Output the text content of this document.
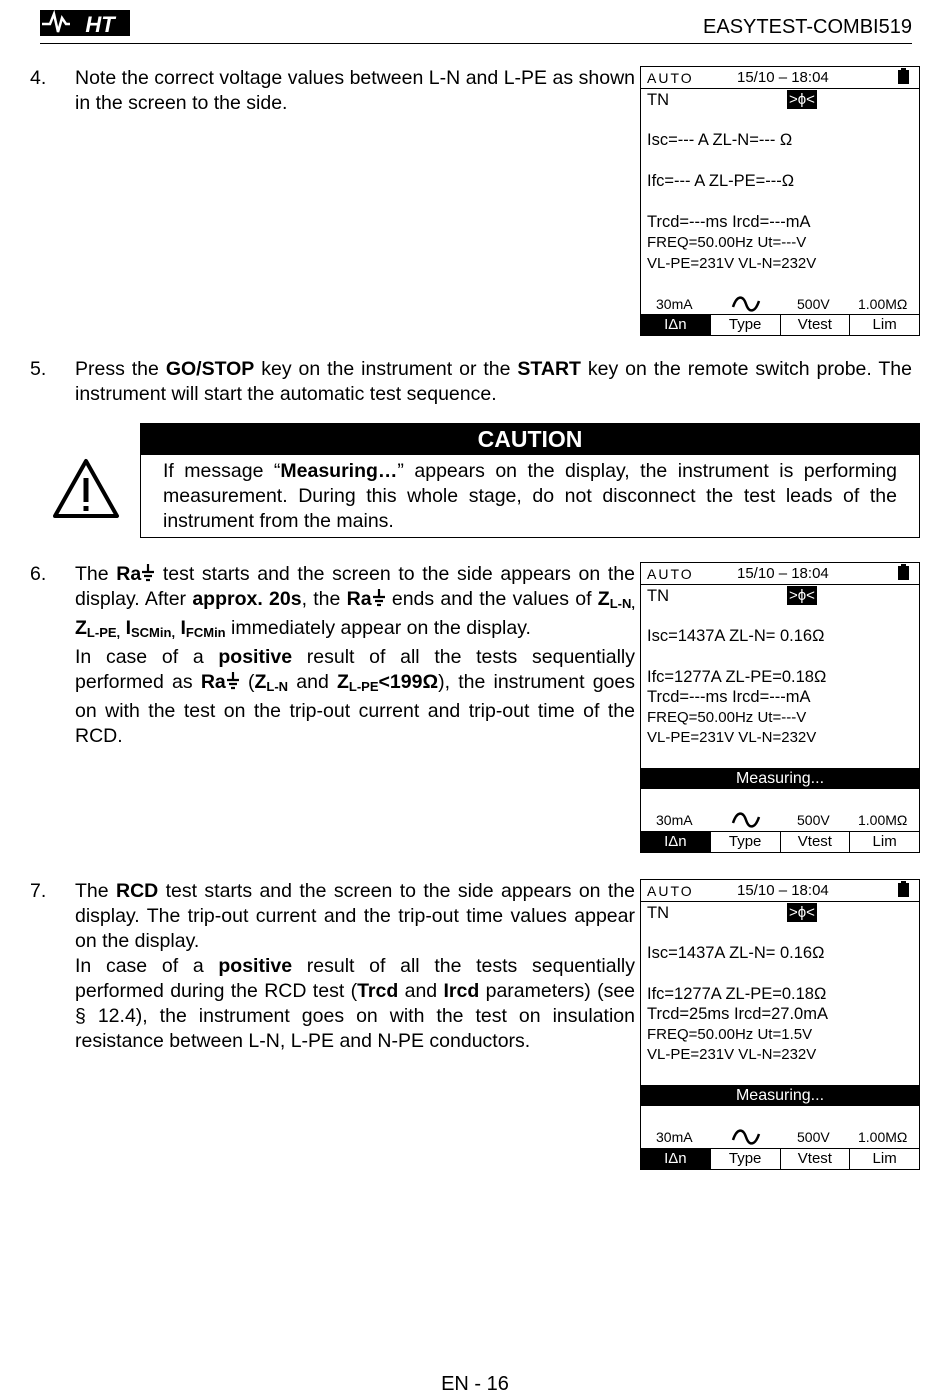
HT	EASYTEST-COMBI519
4. Note the correct voltage values between L-N and L-PE as shown in the screen to the side.

AUTO	15/10 – 18:04
TN	>ϕ<
Isc=--- A ZL-N=--- Ω
Ifc=--- A ZL-PE=---Ω
Trcd=---ms Ircd=---mA
FREQ=50.00Hz Ut=---V
VL-PE=231V VL-N=232V
30mA	500V 1.00MΩ
IΔn	Type	Vtest	Lim
5. Press the GO/STOP key on the instrument or the START key on the remote switch probe. The instrument will start the automatic test sequence.

CAUTION
If message “Measuring…” appears on the display, the instrument is performing measurement. During this whole stage, do not disconnect the test leads of the instrument from the mains.
6. The Ra test starts and the screen to the side appears on the display. After approx. 20s, the Ra ends and the values of $Z_{L-N,}$ $Z_{L-PE,}$ $I_{SCMin,}$ $I_{FCMin}$ immediately appear on the display.

In case of a positive result of all the tests sequentially performed as Ra ($Z_{L-N}$ and $Z_{L-PE}<199\Omega$), the instrument goes on with the test on the trip-out current and trip-out time of the RCD.

AUTO	15/10 – 18:04
TN	>ϕ<
Isc=1437A ZL-N= 0.16Ω
Ifc=1277A ZL-PE=0.18Ω
Trcd=---ms Ircd=---mA
FREQ=50.00Hz Ut=---V
VL-PE=231V VL-N=232V
Measuring...
30mA	500V 1.00MΩ
IΔn	Type	Vtest	Lim
7. The RCD test starts and the screen to the side appears on the display. The trip-out current and the trip-out time values appear on the display.

In case of a positive result of all the tests sequentially performed during the RCD test (Trcd and Ircd parameters) (see § 12.4), the instrument goes on with the test on insulation resistance between L-N, L-PE and N-PE conductors.

AUTO	15/10 – 18:04
TN	>ϕ<
Isc=1437A ZL-N= 0.16Ω
Ifc=1277A ZL-PE=0.18Ω
Trcd=25ms Ircd=27.0mA
FREQ=50.00Hz Ut=1.5V
VL-PE=231V VL-N=232V
Measuring...
30mA	500V 1.00MΩ
IΔn	Type	Vtest	Lim
EN - 16
